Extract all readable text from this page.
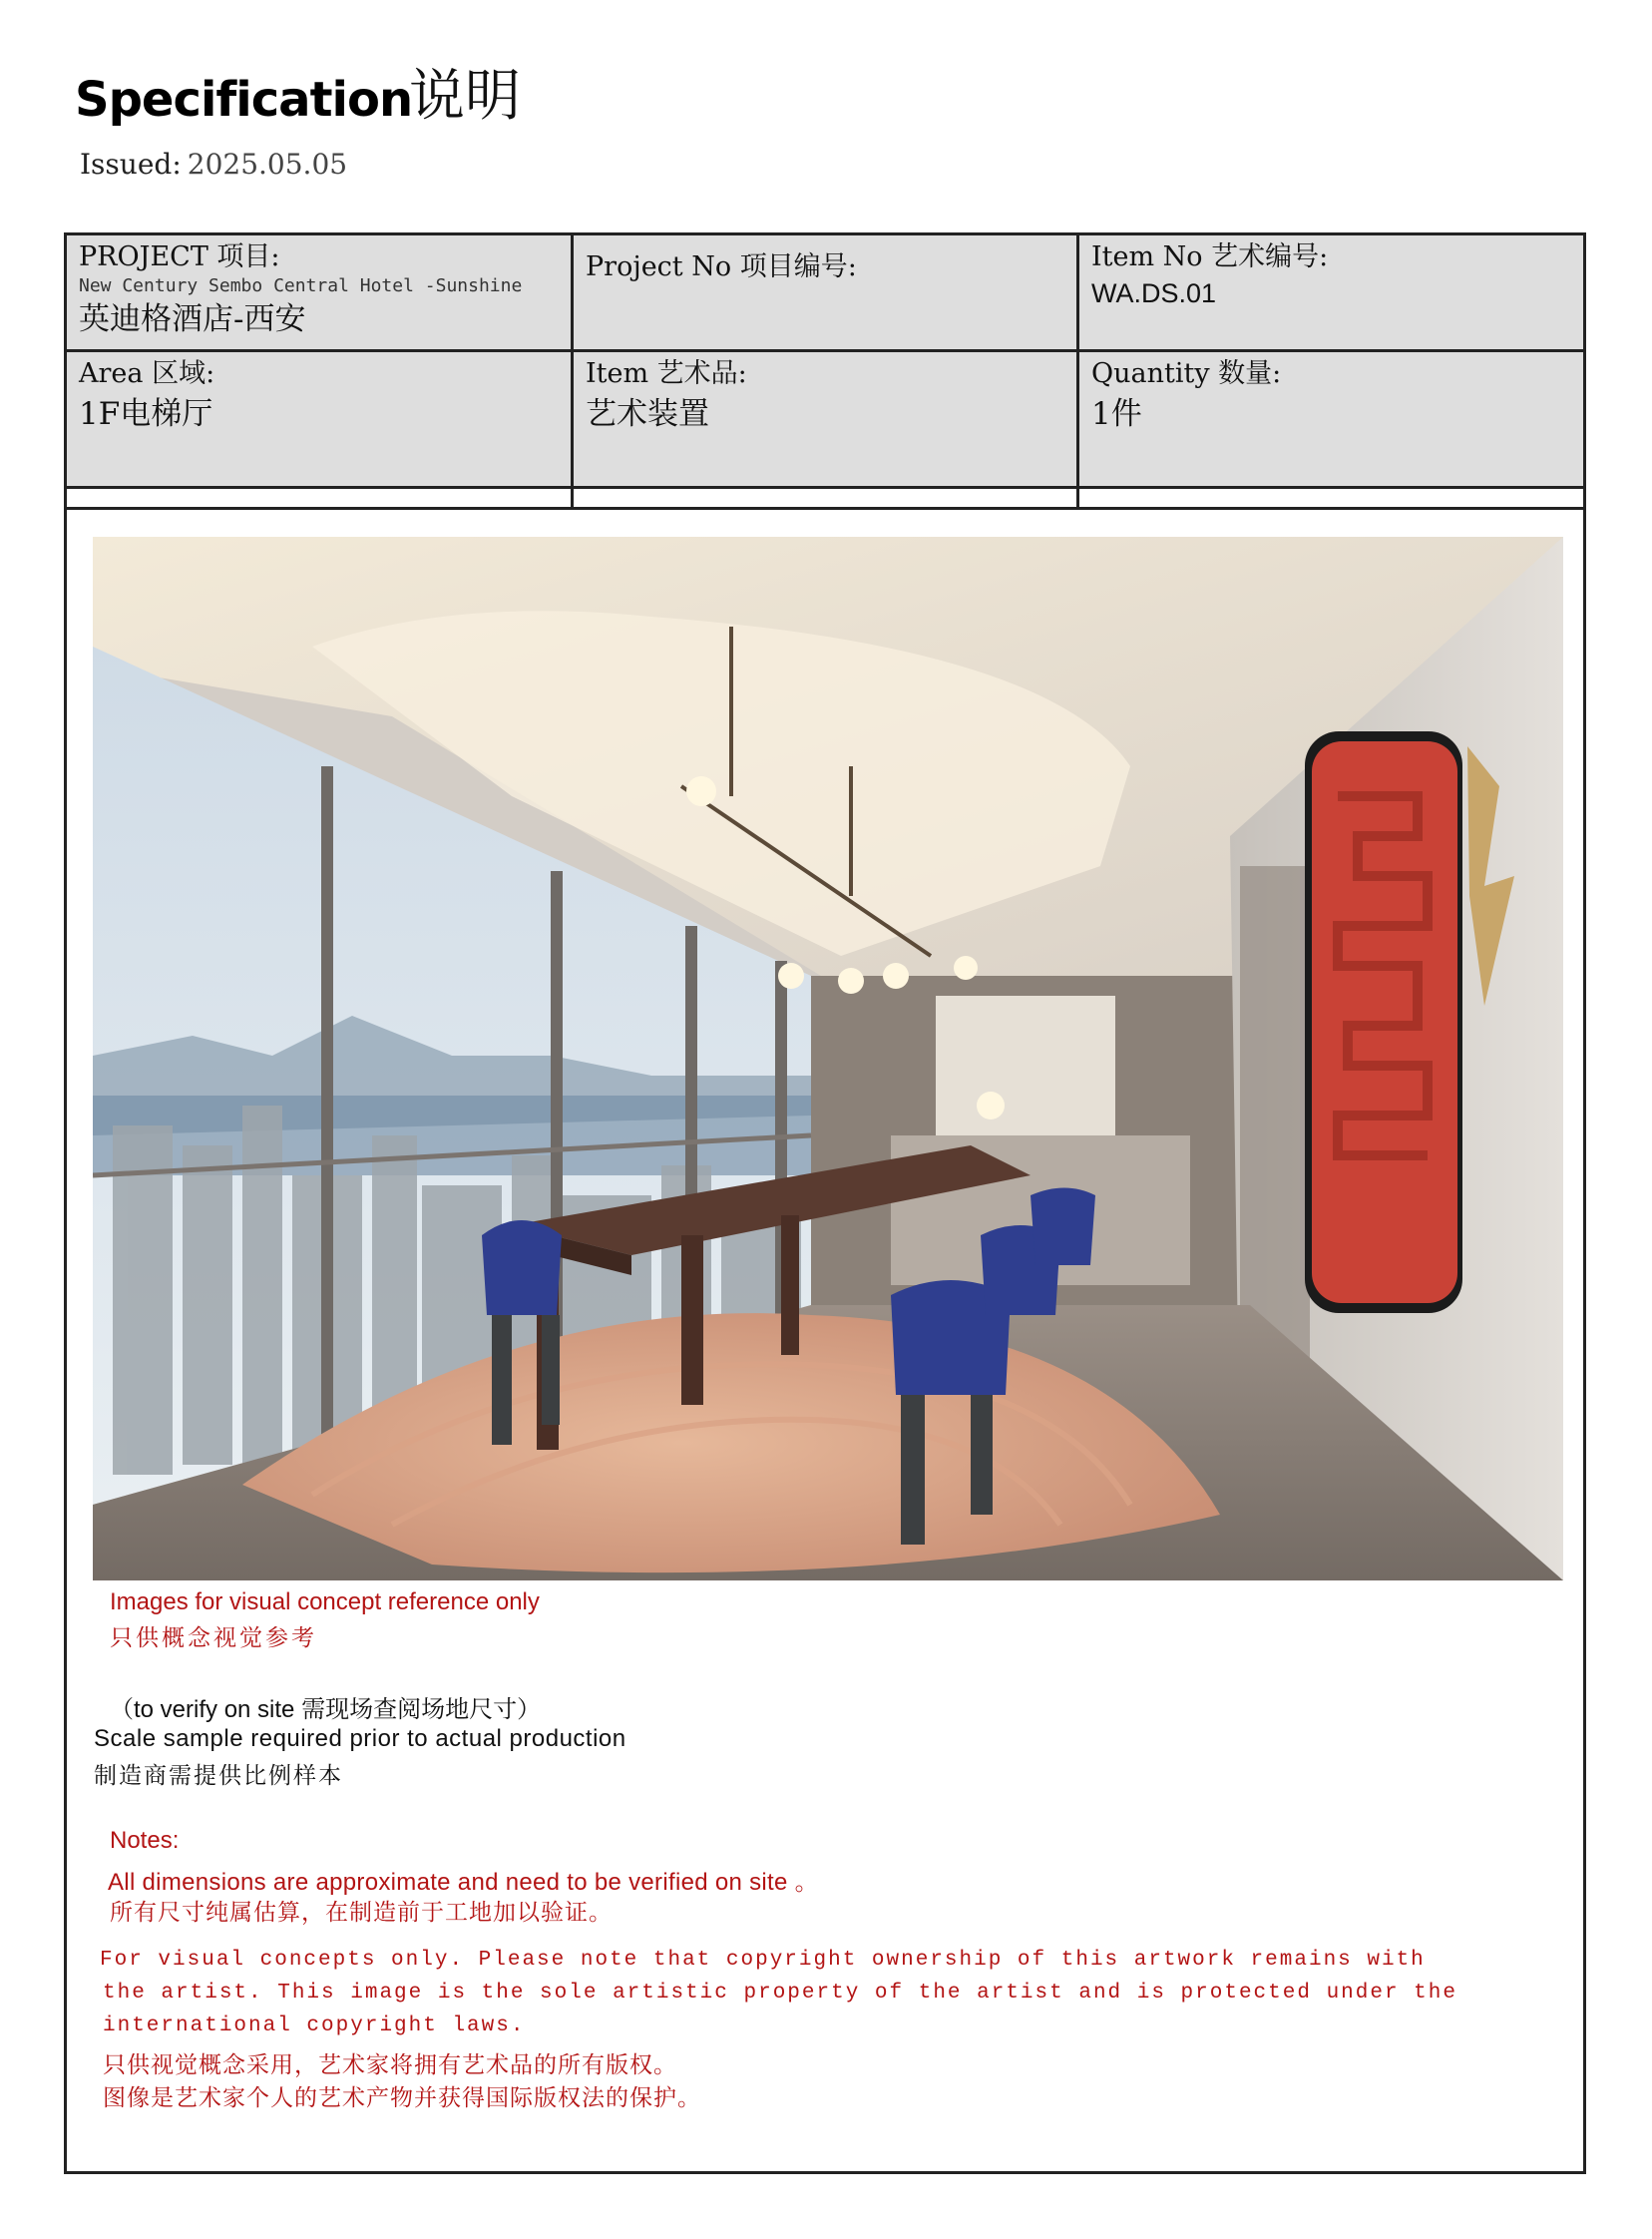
Specification
说明
Issued: 2025.05.05
PROJECT 项目:
New Century Sembo Central Hotel -Sunshine
英迪格酒店-西安
Project No 项目编号:	Item No 艺术编号:
WA.DS.01
Area 区域:
1F电梯厅
Item 艺术品:
艺术装置
Quantity 数量:
1件
Images for visual concept reference only
只供概念视觉参考
（to verify on site 需现场查阅场地尺寸）
Scale sample required prior to actual production
制造商需提供比例样本
Notes:
All dimensions are approximate and need to be verified on site 。
所有尺寸纯属估算，在制造前于工地加以验证。
For visual concepts only. Please note that copyright ownership of this artwork remains with
the artist. This image is the sole artistic property of the artist and is protected under the
international copyright laws.
只供视觉概念采用，艺术家将拥有艺术品的所有版权。
图像是艺术家个人的艺术产物并获得国际版权法的保护。
